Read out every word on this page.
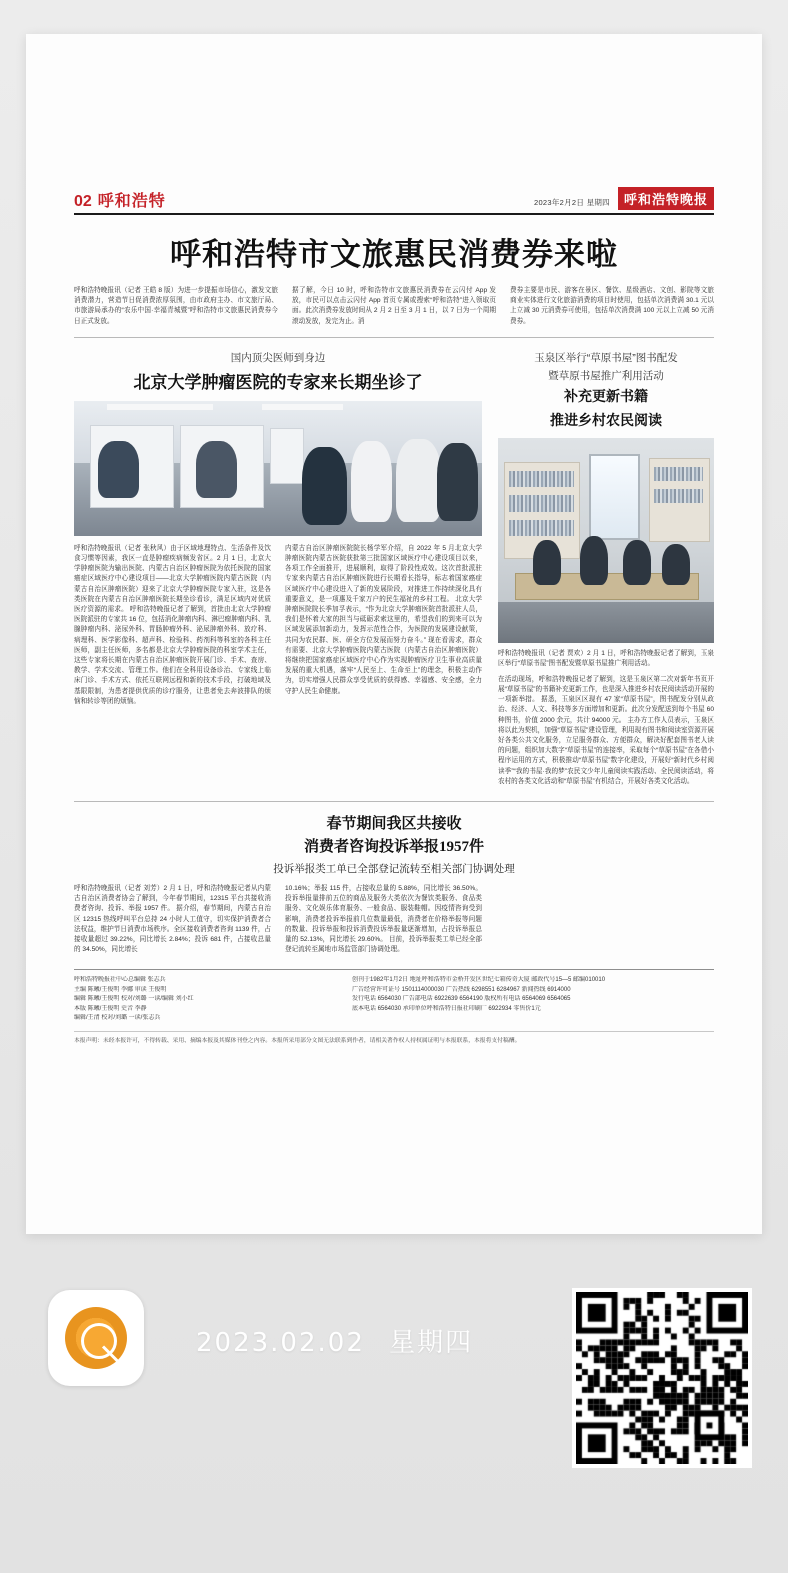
02 呼和浩特	2023年2月2日 星期四	呼和浩特晚报
呼和浩特市文旅惠民消费券来啦
呼和浩特晚报讯（记者 王皓 8 版）为进一步提振市场信心，激发文旅消费潜力，营造节日促消费浓厚氛围，由市政府主办、市文旅厅局、市旅游局承办的“农乐中国·幸福青城暨”呼和浩特市文旅惠民消费券今日正式发放。
据了解，今日 10 时，呼和浩特市文旅惠民消费券在云闪付 App 发放，市民可以点击云闪付 App 首页专属或搜索“呼和浩特”进入领取页面。此次消费券发放时间从 2 月 2 日至 3 月 1 日，以 7 日为一个周期滚动发放，发完为止。消
费券主要是市民、游客在景区、餐饮、星级酒店、文创、影院等文旅商业实体进行文化旅游消费的项目时使用，包括单次消费满 30.1 元以上立减 30 元消费券可使用，包括单次消费满 100 元以上立减 50 元消费券。
国内顶尖医师到身边
北京大学肿瘤医院的专家来长期坐诊了
呼和浩特晚报讯（记者 张秋风）由于区域地理特点、生活条件及饮食习惯等因素，我区一直是肿瘤疾病频发省区。2 月 1 日，北京大学肿瘤医院为输出医院、内蒙古自治区肿瘤医院为依托医院的国家癌症区域医疗中心建设项目——北京大学肿瘤医院内蒙古医院（内蒙古自治区肿瘤医院）迎来了北京大学肿瘤医院专家入驻，这是各类医院在内蒙古自治区肿瘤医院长期坐诊看诊，满足区域内对优质医疗资源的需求。 呼和浩特晚报记者了解到，首批由北京大学肿瘤医院派驻的专家共 16 位，包括消化肿瘤内科、淋巴瘤肿瘤内科、乳腺肿瘤内科、泌尿外科、胃肠肿瘤外科、泌尿肿瘤外科、放疗科、病理科、医学影像科、超声科、检验科、药剂科等科室的各科主任医师，副主任医师，多名都是北京大学肿瘤医院的科室学术主任，这些专家将长期在内蒙古自治区肿瘤医院开展门诊、手术、查房、教学、学术交流、管理工作。他们在全科用设备诊治、专家线上临床门诊、手术方式、依托互联网远程和新的技术手段，打破地域及基限限制，为患者提供优质的诊疗服务，让患者免去奔波排队的烦恼和转诊等团的烦恼。
内蒙古自治区肿瘤医院院长杨学军介绍，自 2022 年 5 月北京大学肿瘤医院内蒙古医院获批第三批国家区域医疗中心建设项目以来，各项工作全面推开，进展顺利，取得了阶段性成效。这次首批派驻专家来内蒙古自治区肿瘤医院进行长期看长指导，标志着国家癌症区域医疗中心建设进入了新的发展阶段，对推进工作持续深化具有重要意义，是一项惠及千家万户的民生福祉的乡村工程。 北京大学肿瘤医院院长季加孚表示，“作为北京大学肿瘤医院首批派驻人员，我们是怀着大家的担当与砥砺求索这里的，希望我们的到来可以为区域发展添加新动力，发挥示范性合作，为医院的发展建设献策，共同为农民群、医、研全方位发展而努力奋斗。” 现在看需求，群众有需要、北京大学肿瘤医院内蒙古医院（内蒙古自治区肿瘤医院）将继续把国家癌症区域医疗中心作为实现肿瘤医疗卫生事业高质量发展的重大机遇，落牢“人民至上、生命至上”的理念，积极主动作为，切实增强人民群众享受优质的获得感、幸福感、安全感，全力守护人民生命健康。
玉泉区举行“草原书屋”图书配发
暨草原书屋推广利用活动
补充更新书籍
推进乡村农民阅读
呼和浩特晚报讯（记者 贾欢）2 月 1 日，呼和浩特晚报记者了解到，玉泉区举行“草原书屋”图书配发暨草原书屋推广利用活动。
在活动现场，呼和浩特晚报记者了解到，这是玉泉区第二次对新年书页开展“草原书屋”的书籍补充更新工作，也是深入推进乡村农民阅读活动开展的一项新举措。 据悉，玉泉区区现有 47 家“草原书屋”，图书配发分别从政治、经济、人文、科技等多方面增加和更新。此次分发配送到每个书屋 60 种图书，价值 2000 余元，共计 94000 元。 主办方工作人员表示，玉泉区将以此为契机，加强“草原书屋”建设管理，利用现有图书和阅读室资源开展好各类公共文化服务，立足服务群众、方便群众，解决好配套图书老人读的问题，组织加大数字“草原书屋”的连接率，采取每个“草原书屋”在各借小程序运用的方式，积极推动“草原书屋”数字化建设，开展好“新时代乡村阅读季”“我的书屋·我的梦”农民文少年儿童阅读实践活动、全民阅读活动，将农村的各类文化活动和“草原书屋”有机结合，开展好各类文化活动。
春节期间我区共接收
消费者咨询投诉举报1957件
投诉举报类工单已全部登记流转至相关部门协调处理
呼和浩特晚报讯（记者 刘芳）2 月 1 日，呼和浩特晚报记者从内蒙古自治区消费者协会了解到，今年春节期间，12315 平台共接收消费者咨询、投诉、举报 1957 件。 据介绍，春节期间，内蒙古自治区 12315 热线呼叫平台总持 24 小时人工值守，切实保护消费者合法权益，维护节日消费市场秩序。全区接收消费者咨询 1139 件，占接收量超过 39.22%，同比增长 2.84%；投诉 681 件，占接收总量的 34.50%，同比增长
10.16%；举报 115 件，占接收总量的 5.88%，同比增长 36.50%。投诉举报量排前五位的商品及服务大类依次为餐饮类服务、食品类服务、文化娱乐体育服务、一般食品、服装鞋帽。因疫情咨询受到影响，消费者投诉举报前几位数量最低，消费者在价格举报等问题的数量、投诉举报和投诉消费投诉举报量逐渐增加，占投诉举报总量的 52.13%，同比增长 29.60%。 目前，投诉举报类工单已经全部登记流转至属地市场监管部门协调处理。
呼和浩特晚报社中心总编辑 张志兵
主编 陈曦/王俊明 李娜 审读 王俊明
编辑 陈曦/王俊明 校对/刘璐 一读/编辑 刘小红
本版 陈曦/王俊明 史音 李静
编辑/王清 校对/刘璐 一读/张志兵
创刊于1982年1月2日 地址呼和浩特市金桥开发区世纪七箱传奇大厦 邮政代号15—5 邮编010010
广告经营许可证号 1501114000030 广告热线 6298551 6284967 新闻热线 6914000
发行电话 6564030 广告部电话 6922639 6564190 版权所有电话 6564069 6564065
底本电话 6564030 承印单位呼和浩特日报社印刷厂 6922934 零售价1元
本报声明：未经本报许可，不得转载、采用、摘编本报及其媒体刊登之内容。本报所采用部分文图无法联系到作者，请相关著作权人持权属证明与本报联系，本报将支付稿酬。
2023.02.02 星期四
